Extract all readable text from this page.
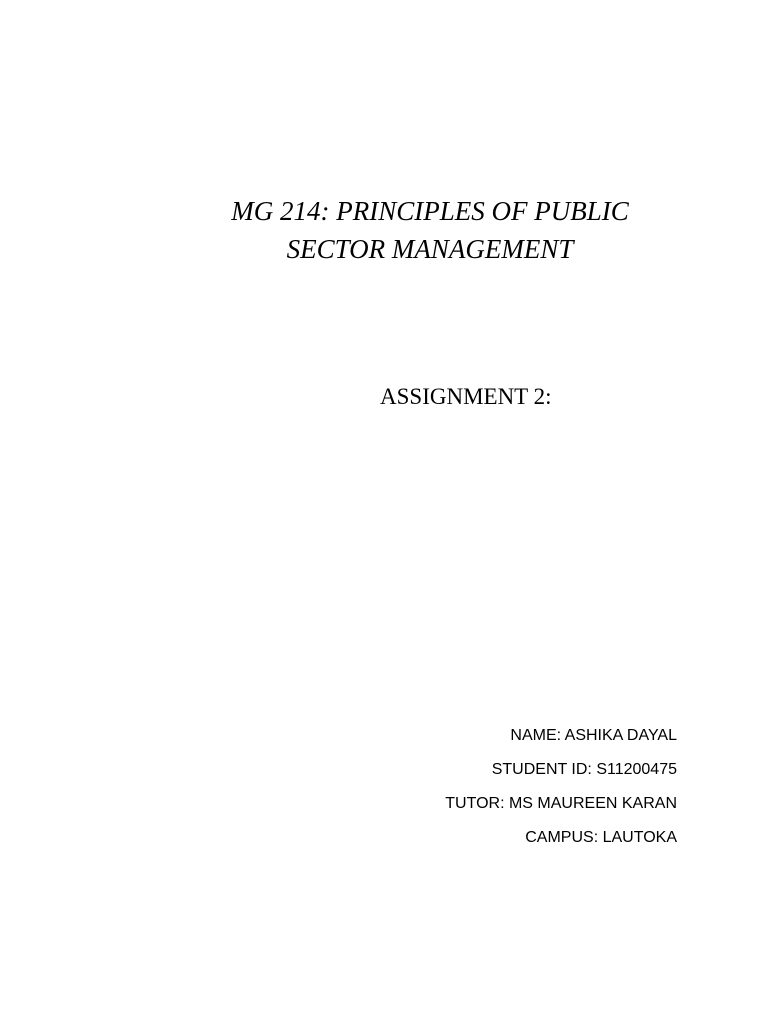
MG 214: PRINCIPLES OF PUBLIC
SECTOR MANAGEMENT
ASSIGNMENT 2:
NAME: ASHIKA DAYAL
STUDENT ID: S11200475
TUTOR: MS MAUREEN KARAN
CAMPUS: LAUTOKA
